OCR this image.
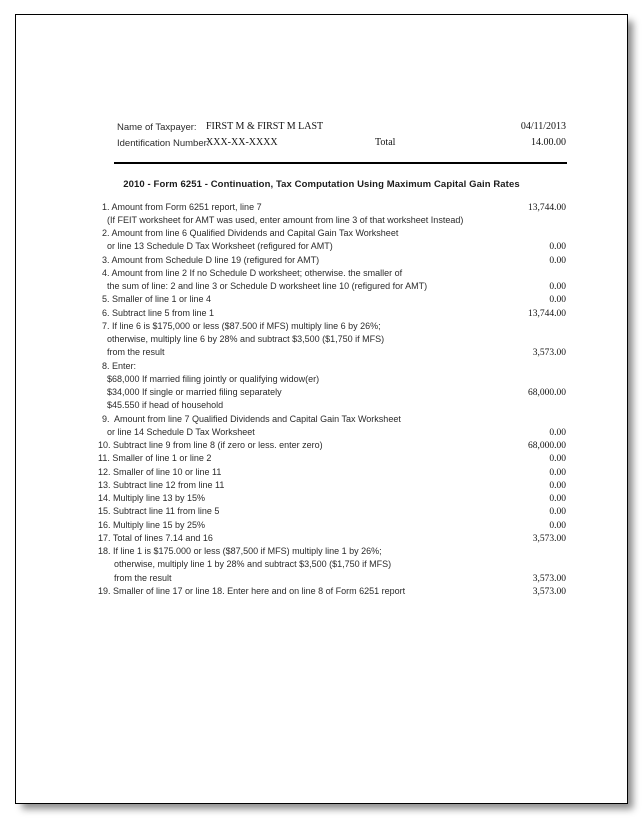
Name of Taxpayer: FIRST M & FIRST M LAST	04/11/2013
Identification Number:
XXX-XX-XXXX	Total	14.00.00
2010 - Form 6251 - Continuation, Tax Computation Using Maximum Capital Gain Rates
1. Amount from Form 6251 report, line 7	13,744.00
(If FEIT worksheet for AMT was used, enter amount from line 3 of that worksheet Instead)
2. Amount from line 6 Qualified Dividends and Capital Gain Tax Worksheet
or line 13 Schedule D Tax Worksheet (refigured for AMT)	0.00
3. Amount from Schedule D line 19 (refigured for AMT)	0.00
4. Amount from line 2 If no Schedule D worksheet; otherwise. the smaller of
the sum of line: 2 and line 3 or Schedule D worksheet line 10 (refigured for AMT)	0.00
5. Smaller of line 1 or line 4	0.00
6. Subtract line 5 from line 1	13,744.00
7. If line 6 is $175,000 or less ($87.500 if MFS) multiply line 6 by 26%;
otherwise, multiply line 6 by 28% and subtract $3,500 ($1,750 if MFS)
from the result	3,573.00
8. Enter:
$68,000 If married filing jointly or qualifying widow(er)
$34,000 If single or married filing separately	68,000.00
$45.550 if head of household
9.  Amount from line 7 Qualified Dividends and Capital Gain Tax Worksheet
or line 14 Schedule D Tax Worksheet	0.00
10. Subtract line 9 from line 8 (if zero or less. enter zero)	68,000.00
11. Smaller of line 1 or line 2	0.00
12. Smaller of line 10 or line 11	0.00
13. Subtract line 12 from line 11	0.00
14. Multiply line 13 by 15%	0.00
15. Subtract line 11 from line 5	0.00
16. Multiply line 15 by 25%	0.00
17. Total of lines 7.14 and 16	3,573.00
18. If line 1 is $175.000 or less ($87,500 if MFS) multiply line 1 by 26%;
otherwise, multiply line 1 by 28% and subtract $3,500 ($1,750 if MFS)
from the result	3,573.00
19. Smaller of line 17 or line 18. Enter here and on line 8 of Form 6251 report	3,573.00
